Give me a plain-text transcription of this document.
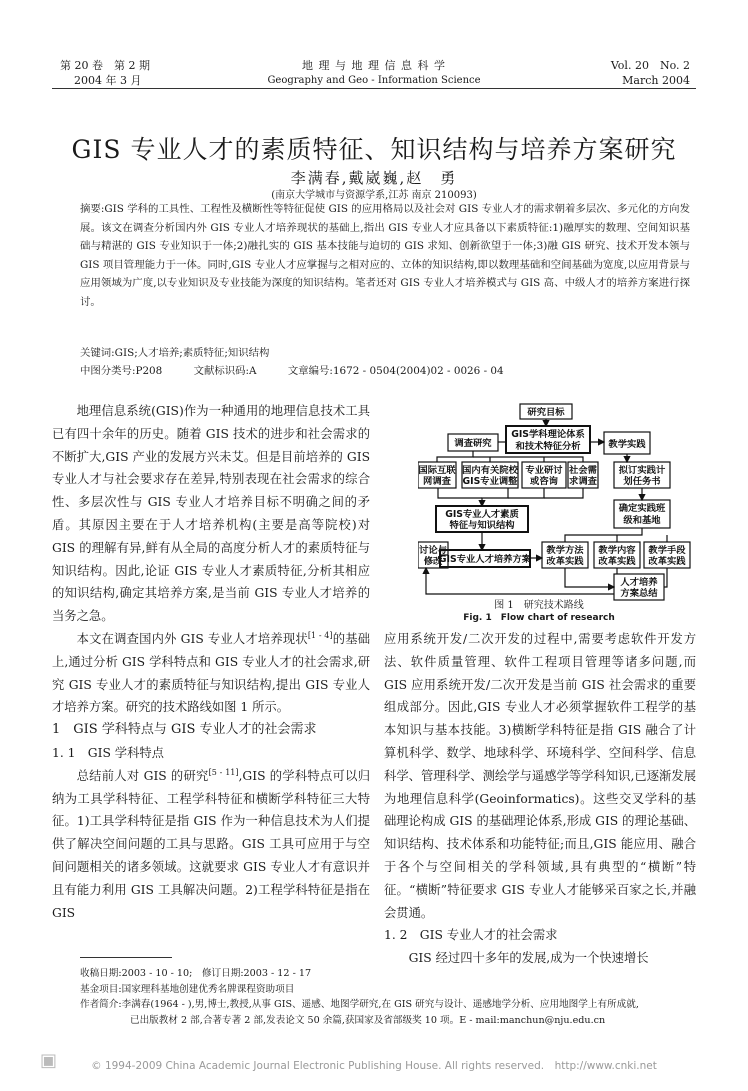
第 20 卷　第 2 期
2004 年 3 月
地 理 与 地 理 信 息 科 学
Geography and Geo - Information Science
Vol. 20　No. 2
March 2004
GIS 专业人才的素质特征、知识结构与培养方案研究
李满春,戴崴巍,赵　勇
(南京大学城市与资源学系,江苏 南京 210093)

摘要:GIS 学科的工具性、工程性及横断性等特征促使 GIS 的应用格局以及社会对 GIS 专业人才的需求朝着多层次、多元化的方向发展。该文在调查分析国内外 GIS 专业人才培养现状的基础上,指出 GIS 专业人才应具备以下素质特征:1)融厚实的数理、空间知识基础与精湛的 GIS 专业知识于一体;2)融扎实的 GIS 基本技能与迫切的 GIS 求知、创新欲望于一体;3)融 GIS 研究、技术开发本领与 GIS 项目管理能力于一体。同时,GIS 专业人才应掌握与之相对应的、立体的知识结构,即以数理基础和空间基础为宽度,以应用背景与应用领域为广度,以专业知识及专业技能为深度的知识结构。笔者还对 GIS 专业人才培养模式与 GIS 高、中级人才的培养方案进行探讨。

关键词:GIS;人才培养;素质特征;知识结构

中图分类号:P208	文献标识码:A	文章编号:1672 - 0504(2004)02 - 0026 - 04

地理信息系统(GIS)作为一种通用的地理信息技术工具已有四十余年的历史。随着 GIS 技术的进步和社会需求的不断扩大,GIS 产业的发展方兴未艾。但是目前培养的 GIS 专业人才与社会要求存在差异,特别表现在社会需求的综合性、多层次性与 GIS 专业人才培养目标不明确之间的矛盾。其原因主要在于人才培养机构(主要是高等院校)对 GIS 的理解有异,鲜有从全局的高度分析人才的素质特征与知识结构。因此,论证 GIS 专业人才素质特征,分析其相应的知识结构,确定其培养方案,是当前 GIS 专业人才培养的当务之急。

本文在调查国内外 GIS 专业人才培养现状[1 - 4]的基础上,通过分析 GIS 学科特点和 GIS 专业人才的社会需求,研究 GIS 专业人才的素质特征与知识结构,提出 GIS 专业人才培养方案。研究的技术路线如图 1 所示。

1　GIS 学科特点与 GIS 专业人才的社会需求

1. 1　GIS 学科特点

总结前人对 GIS 的研究[5 - 11],GIS 的学科特点可以归纳为工具学科特征、工程学科特征和横断学科特征三大特征。1)工具学科特征是指 GIS 作为一种信息技术为人们提供了解决空间问题的工具与思路。GIS 工具可应用于与空间问题相关的诸多领域。这就要求 GIS 专业人才有意识并且有能力利用 GIS 工具解决问题。2)工程学科特征是指在 GIS

研究目标
调查研究
GIS学科理论体系
和技术特征分析	教学实践
国际互联
网调查
国内有关院校
GIS专业调整
专业研讨
或咨询
社会需
求调查
拟订实践计
划任务书
GIS专业人才素质
特征与知识结构
确定实践班
级和基地
讨论与
修改
GIS专业人才培养方案
教学方法
改革实践
教学内容
改革实践
教学手段
改革实践
人才培养
方案总结
图 1　研究技术路线
Fig. 1　Flow chart of research

应用系统开发/二次开发的过程中,需要考虑软件开发方法、软件质量管理、软件工程项目管理等诸多问题,而 GIS 应用系统开发/二次开发是当前 GIS 社会需求的重要组成部分。因此,GIS 专业人才必须掌握软件工程学的基本知识与基本技能。3)横断学科特征是指 GIS 融合了计算机科学、数学、地球科学、环境科学、空间科学、信息科学、管理科学、测绘学与遥感学等学科知识,已逐渐发展为地理信息科学(Geoinformatics)。这些交叉学科的基础理论构成 GIS 的基础理论体系,形成 GIS 的理论基础、知识结构、技术体系和功能特征;而且,GIS 能应用、融合于各个与空间相关的学科领域,具有典型的“横断”特征。“横断”特征要求 GIS 专业人才能够采百家之长,并融会贯通。

1. 2　GIS 专业人才的社会需求

GIS 经过四十多年的发展,成为一个快速增长

收稿日期:2003 - 10 - 10;　修订日期:2003 - 12 - 17

基金项目:国家理科基地创建优秀名牌课程资助项目

作者简介:李满春(1964 - ),男,博士,教授,从事 GIS、遥感、地图学研究,在 GIS 研究与设计、遥感地学分析、应用地图学上有所成就,

已出版教材 2 部,合著专著 2 部,发表论文 50 余篇,获国家及省部级奖 10 项。E - mail:manchun@nju.edu.cn

▣	© 1994-2009 China Academic Journal Electronic Publishing House. All rights reserved.　http://www.cnki.net
